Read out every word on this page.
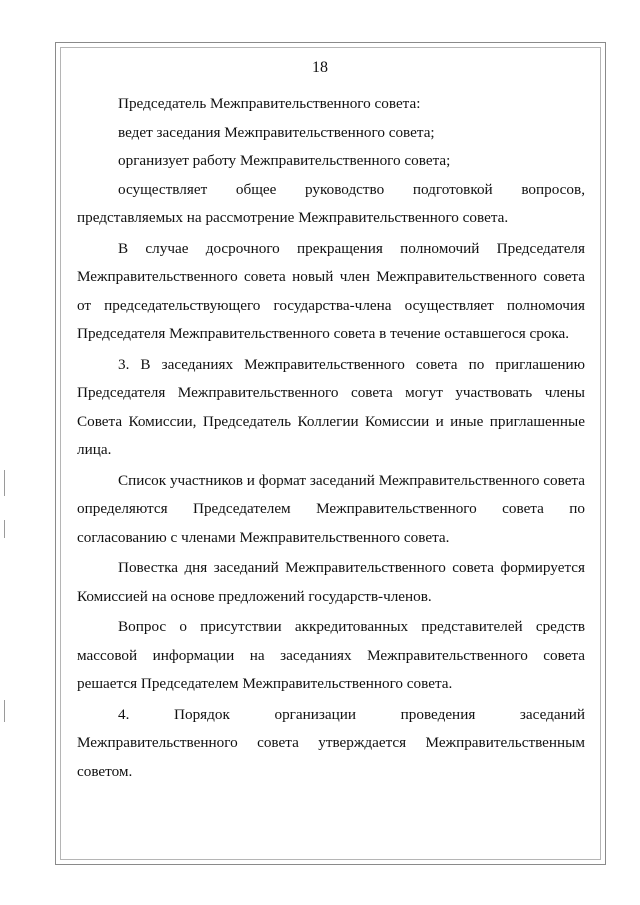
18

Председатель Межправительственного совета:

ведет заседания Межправительственного совета;

организует работу Межправительственного совета;

осуществляет общее руководство подготовкой вопросов, представляемых на рассмотрение Межправительственного совета.

В случае досрочного прекращения полномочий Председателя Межправительственного совета новый член Межправительственного совета от председательствующего государства-члена осуществляет полномочия Председателя Межправительственного совета в течение оставшегося срока.

3. В заседаниях Межправительственного совета по приглашению Председателя Межправительственного совета могут участвовать члены Совета Комиссии, Председатель Коллегии Комиссии и иные приглашенные лица.

Список участников и формат заседаний Межправительственного совета определяются Председателем Межправительственного совета по согласованию с членами Межправительственного совета.

Повестка дня заседаний Межправительственного совета формируется Комиссией на основе предложений государств-членов.

Вопрос о присутствии аккредитованных представителей средств массовой информации на заседаниях Межправительственного совета решается Председателем Межправительственного совета.

4. Порядок организации проведения заседаний Межправительственного совета утверждается Межправительственным советом.
